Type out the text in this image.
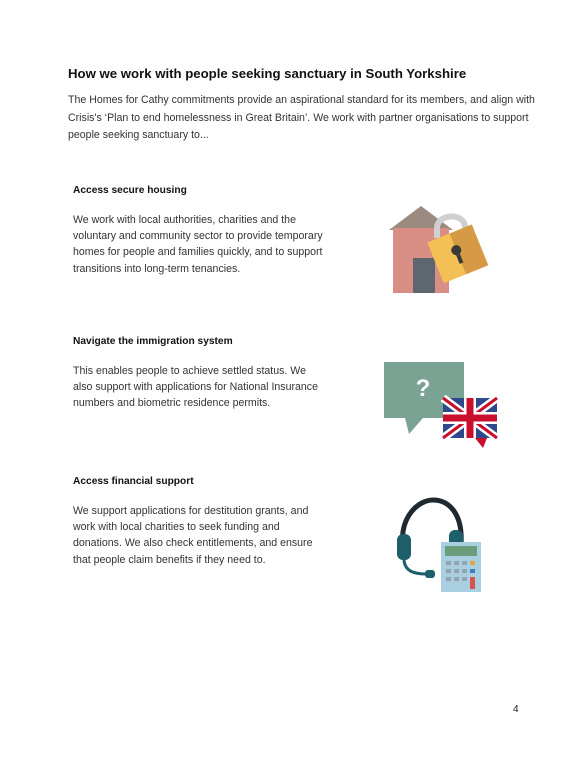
How we work with people seeking sanctuary in South Yorkshire
The Homes for Cathy commitments provide an aspirational standard for its members, and align with Crisis's ‘Plan to end homelessness in Great Britain’. We work with partner organisations to support people seeking sanctuary to...
Access secure housing
We work with local authorities, charities and the voluntary and community sector to provide temporary homes for people and families quickly, and to support transitions into long-term tenancies.
Navigate the immigration system
This enables people to achieve settled status. We also support with applications for National Insurance numbers and biometric residence permits.
?
Access financial support
We support applications for destitution grants, and work with local charities to seek funding and donations. We also check entitlements, and ensure that people claim benefits if they need to.
4
